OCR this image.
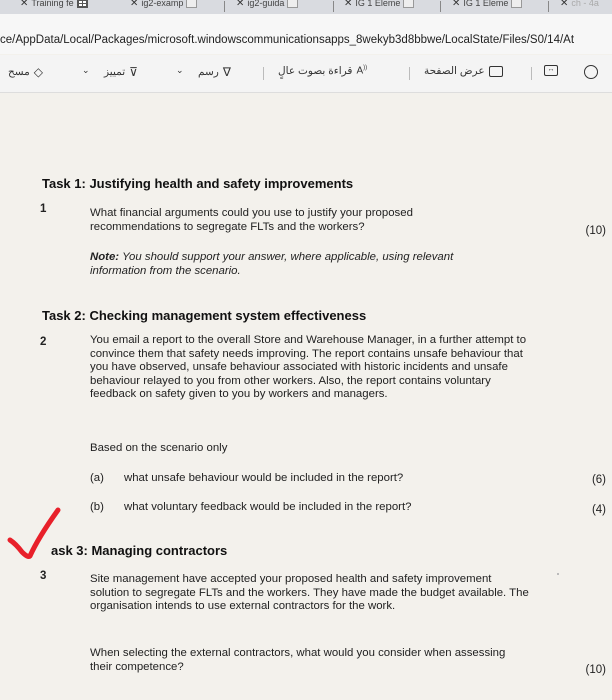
✕ Training fe	✕ ig2-examp	✕ ig2-guida	✕ IG 1 Eleme	✕ IG 1 Eleme	✕ ch - 4a
ce/AppData/Local/Packages/microsoft.windowscommunicationsapps_8wekyb3d8bbwe/LocalState/Files/S0/14/At
مسح ◇	⌄ تمييز ⊽	⌄ رسم ∇	قراءة بصوت عالٍ A))	عرض الصفحة	↔
Task 1: Justifying health and safety improvements
1	What financial arguments could you use to justify your proposed recommendations to segregate FLTs and the workers?	(10)
Note: You should support your answer, where applicable, using relevant information from the scenario.
Task 2: Checking management system effectiveness
2	You email a report to the overall Store and Warehouse Manager, in a further attempt to convince them that safety needs improving. The report contains unsafe behaviour that you have observed, unsafe behaviour associated with historic incidents and unsafe behaviour relayed to you from other workers. Also, the report contains voluntary feedback on safety given to you by workers and managers.
Based on the scenario only
(a) what unsafe behaviour would be included in the report?	(6)
(b) what voluntary feedback would be included in the report?	(4)
ask 3: Managing contractors
3	Site management have accepted your proposed health and safety improvement solution to segregate FLTs and the workers. They have made the budget available. The organisation intends to use external contractors for the work.
When selecting the external contractors, what would you consider when assessing their competence?	(10)
